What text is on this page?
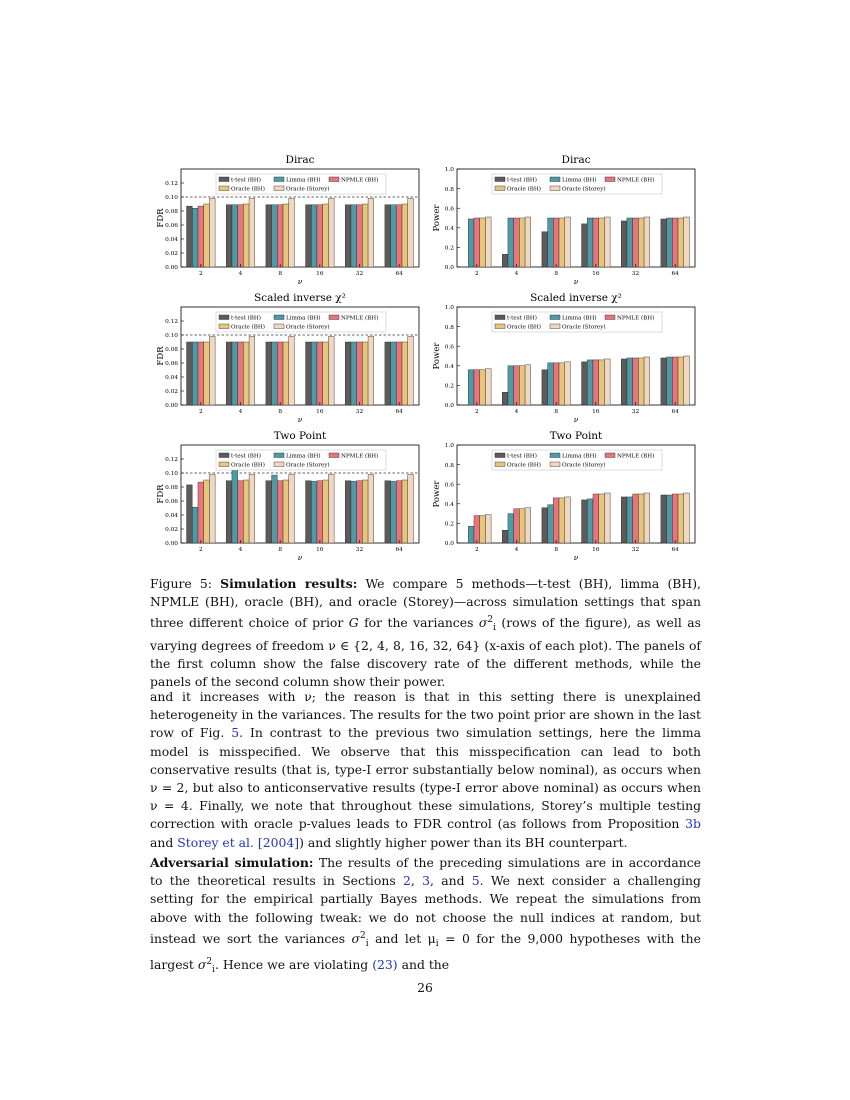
Dirac
0.00
0.02
0.04
0.06
0.08
0.10
0.12
FDR
2	4	8	16	32	64
ν
t-test (BH)	Limma (BH)	NPMLE (BH)
Oracle (BH)	Oracle (Storey)
Dirac
0.0
0.2
0.4
0.6
0.8
1.0
Power
2	4	8	16	32	64
ν
t-test (BH)	Limma (BH)	NPMLE (BH)
Oracle (BH)	Oracle (Storey)
Scaled inverse χ²
0.00
0.02
0.04
0.06
0.08
0.10
0.12
FDR
2	4	8	16	32	64
ν
t-test (BH)	Limma (BH)	NPMLE (BH)
Oracle (BH)	Oracle (Storey)
Scaled inverse χ²
0.0
0.2
0.4
0.6
0.8
1.0
Power
2	4	8	16	32	64
ν
t-test (BH)	Limma (BH)	NPMLE (BH)
Oracle (BH)	Oracle (Storey)
Two Point
0.00
0.02
0.04
0.06
0.08
0.10
0.12
FDR
2	4	8	16	32	64
ν
t-test (BH)	Limma (BH)	NPMLE (BH)
Oracle (BH)	Oracle (Storey)
Two Point
0.0
0.2
0.4
0.6
0.8
1.0
Power
2	4	8	16	32	64
ν
t-test (BH)	Limma (BH)	NPMLE (BH)
Oracle (BH)	Oracle (Storey)
Figure 5: Simulation results: We compare 5 methods—t-test (BH), limma (BH), NPMLE (BH), oracle (BH), and oracle (Storey)—across simulation settings that span three different choice of prior G for the variances $\sigma^2_i$ (rows of the figure), as well as varying degrees of freedom ν ∈ {2, 4, 8, 16, 32, 64} (x-axis of each plot). The panels of the first column show the false discovery rate of the different methods, while the panels of the second column show their power.
and it increases with ν; the reason is that in this setting there is unexplained heterogeneity in the variances. The results for the two point prior are shown in the last row of Fig. 5. In contrast to the previous two simulation settings, here the limma model is misspecified. We observe that this misspecification can lead to both conservative results (that is, type-I error substantially below nominal), as occurs when ν = 2, but also to anticonservative results (type-I error above nominal) as occurs when ν = 4. Finally, we note that throughout these simulations, Storey’s multiple testing correction with oracle p-values leads to FDR control (as follows from Proposition 3b and Storey et al. [2004]) and slightly higher power than its BH counterpart.
Adversarial simulation: The results of the preceding simulations are in accordance to the theoretical results in Sections 2, 3, and 5. We next consider a challenging setting for the empirical partially Bayes methods. We repeat the simulations from above with the following tweak: we do not choose the null indices at random, but instead we sort the variances $\sigma^2_i$ and let $\mu_i = 0$ for the 9,000 hypotheses with the largest $\sigma^2_i$. Hence we are violating (23) and the
26
